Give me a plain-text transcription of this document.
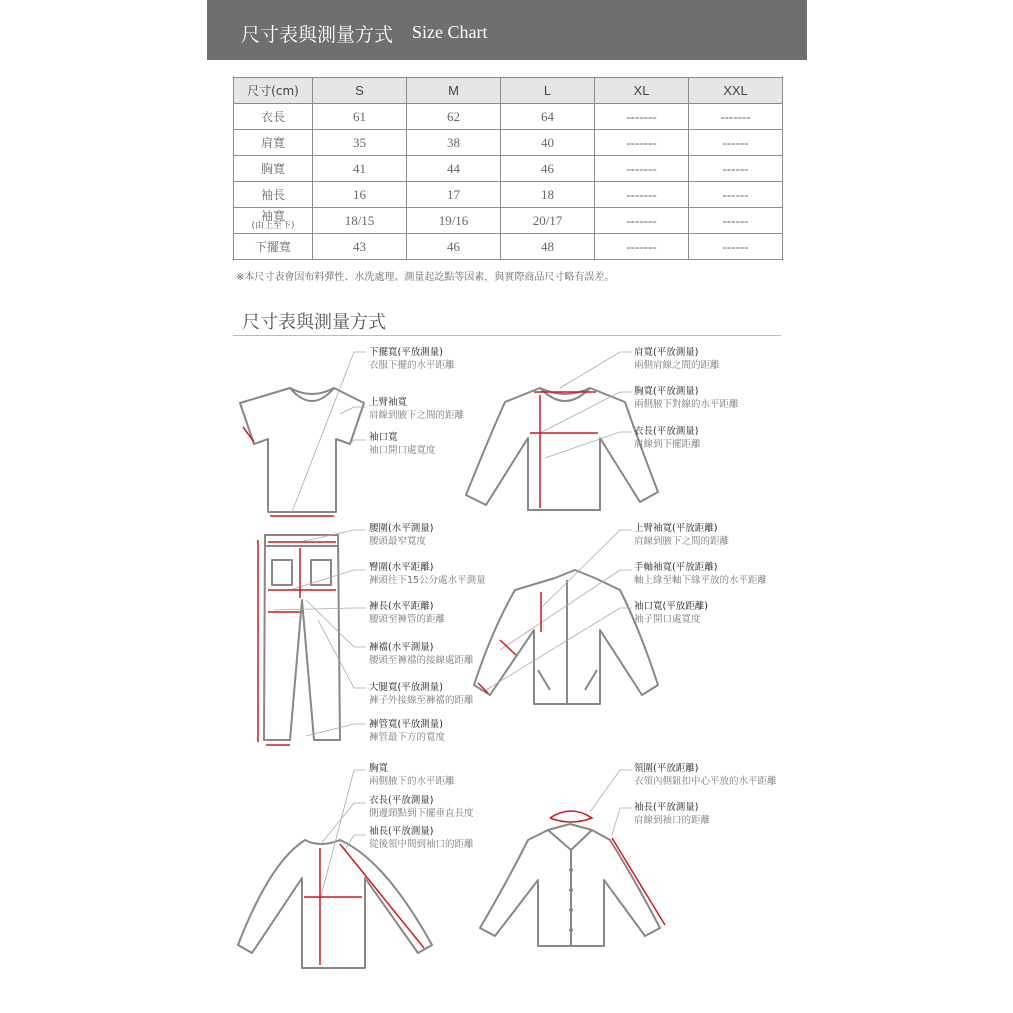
尺寸表與測量方式 Size Chart
尺寸(cm)	S	M	L	XL	XXL
衣長	61	62	64	-------	-------
肩寬	35	38	40	-------	------
胸寬	41	44	46	-------	------
袖長	16	17	18	-------	------

袖寬
(由上至下)	18/15	19/16	20/17	-------	------
下擺寬	43	46	48	-------	------
※本尺寸表會因布料彈性、水洗處理、測量起訖點等因素，與實際商品尺寸略有誤差。
尺寸表與測量方式
下擺寬(平放測量)
衣服下擺的水平距離
上臂袖寬
肩線到腋下之間的距離
袖口寬
袖口開口處寬度
肩寬(平放測量)
兩側肩線之間的距離
胸寬(平放測量)
兩側腋下對線的水平距離
衣長(平放測量)
肩線到下擺距離
腰圍(水平測量)
腰頭最窄寬度
臀圍(水平距離)
褲頭往下15公分處水平測量
褲長(水平距離)
腰頭至褲管的距離
褲襠(水平測量)
腰頭至褲襠的接線處距離
大腿寬(平放測量)
褲子外接線至褲襠的距離
褲管寬(平放測量)
褲管最下方的寬度
上臂袖寬(平放距離)
肩線到腋下之間的距離
手軸袖寬(平放距離)
軸上緣至軸下緣平放的水平距離
袖口寬(平放距離)
袖子開口處寬度
胸寬
兩側腋下的水平距離
衣長(平放測量)
側邊頸點到下擺垂直長度
袖長(平放測量)
從後領中間到袖口的距離
領圍(平放距離)
衣領內側鈕扣中心平放的水平距離
袖長(平放測量)
肩線到袖口的距離
